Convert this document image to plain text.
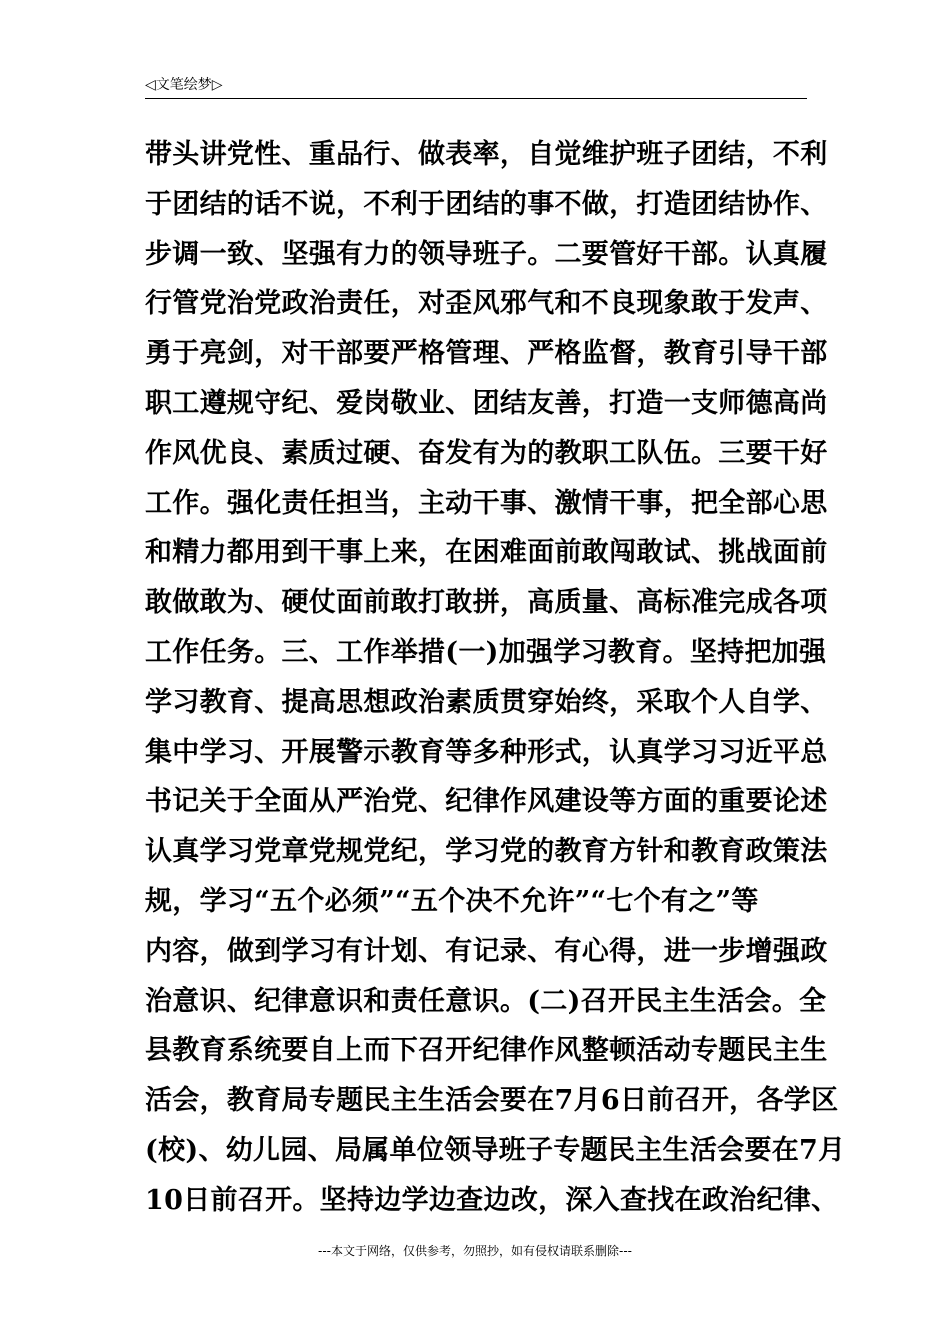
◁文笔绘梦▷
带头讲党性、重品行、做表率，自觉维护班子团结，不利
于团结的话不说，不利于团结的事不做，打造团结协作、
步调一致、坚强有力的领导班子。二要管好干部。认真履
行管党治党政治责任，对歪风邪气和不良现象敢于发声、
勇于亮剑，对干部要严格管理、严格监督，教育引导干部
职工遵规守纪、爱岗敬业、团结友善，打造一支师德高尚
作风优良、素质过硬、奋发有为的教职工队伍。三要干好
工作。强化责任担当，主动干事、激情干事，把全部心思
和精力都用到干事上来，在困难面前敢闯敢试、挑战面前
敢做敢为、硬仗面前敢打敢拼，高质量、高标准完成各项
工作任务。三、工作举措(一)加强学习教育。坚持把加强
学习教育、提高思想政治素质贯穿始终，采取个人自学、
集中学习、开展警示教育等多种形式，认真学习习近平总
书记关于全面从严治党、纪律作风建设等方面的重要论述
认真学习党章党规党纪，学习党的教育方针和教育政策法
规，学习“五个必须”“五个决不允许”“七个有之”等
内容，做到学习有计划、有记录、有心得，进一步增强政
治意识、纪律意识和责任意识。(二)召开民主生活会。全
县教育系统要自上而下召开纪律作风整顿活动专题民主生
活会，教育局专题民主生活会要在7月6日前召开，各学区
(校)、幼儿园、局属单位领导班子专题民主生活会要在7月
10日前召开。坚持边学边查边改，深入查找在政治纪律、
---本文于网络，仅供参考，勿照抄，如有侵权请联系删除---
